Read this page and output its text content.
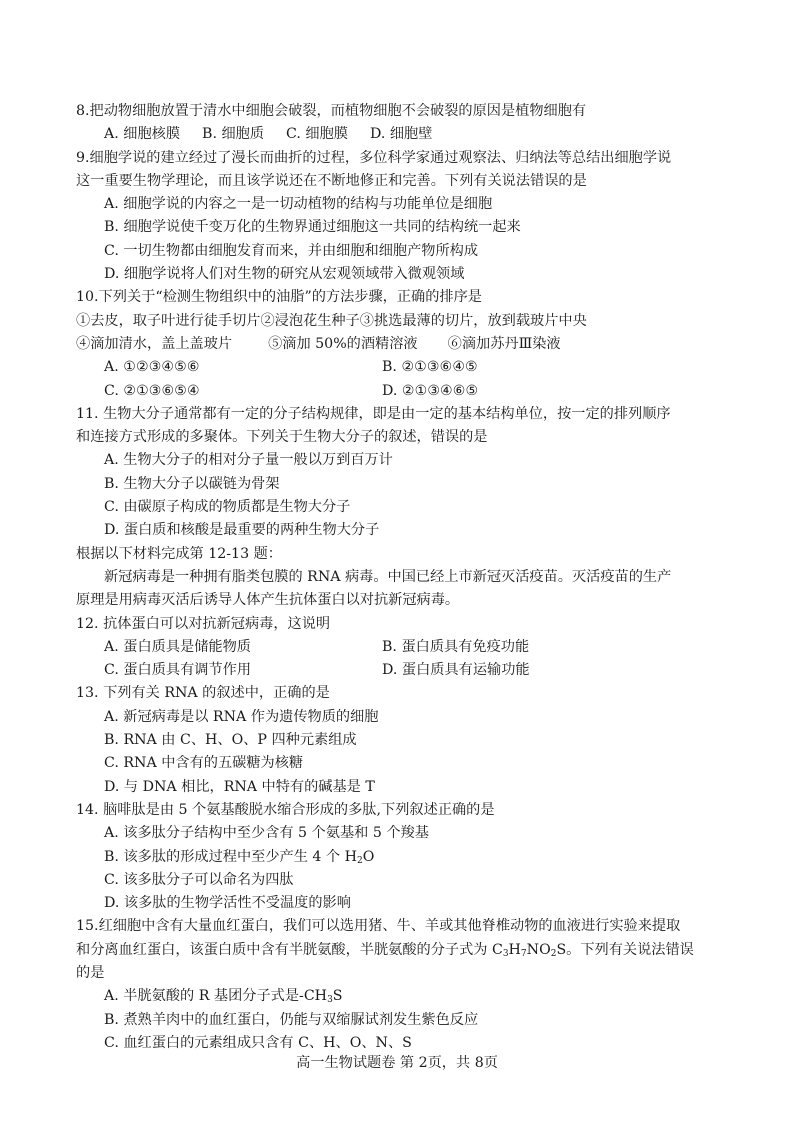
8.把动物细胞放置于清水中细胞会破裂，而植物细胞不会破裂的原因是植物细胞有
A. 细胞核膜 B. 细胞质 C. 细胞膜 D. 细胞壁
9.细胞学说的建立经过了漫长而曲折的过程，多位科学家通过观察法、归纳法等总结出细胞学说
这一重要生物学理论，而且该学说还在不断地修正和完善。下列有关说法错误的是
A. 细胞学说的内容之一是一切动植物的结构与功能单位是细胞
B. 细胞学说使千变万化的生物界通过细胞这一共同的结构统一起来
C. 一切生物都由细胞发育而来，并由细胞和细胞产物所构成
D. 细胞学说将人们对生物的研究从宏观领域带入微观领域
10.下列关于“检测生物组织中的油脂”的方法步骤，正确的排序是
①去皮，取子叶进行徒手切片②浸泡花生种子③挑选最薄的切片，放到载玻片中央
④滴加清水，盖上盖玻片	⑤滴加 50%的酒精溶液 ⑥滴加苏丹Ⅲ染液
A. ①②③④⑤⑥	B. ②①③⑥④⑤
C. ②①③⑥⑤④	D. ②①③④⑥⑤
11. 生物大分子通常都有一定的分子结构规律，即是由一定的基本结构单位，按一定的排列顺序
和连接方式形成的多聚体。下列关于生物大分子的叙述，错误的是
A. 生物大分子的相对分子量一般以万到百万计
B. 生物大分子以碳链为骨架
C. 由碳原子构成的物质都是生物大分子
D. 蛋白质和核酸是最重要的两种生物大分子
根据以下材料完成第 12-13 题：
新冠病毒是一种拥有脂类包膜的 RNA 病毒。中国已经上市新冠灭活疫苗。灭活疫苗的生产
原理是用病毒灭活后诱导人体产生抗体蛋白以对抗新冠病毒。
12. 抗体蛋白可以对抗新冠病毒，这说明
A. 蛋白质具是储能物质	B. 蛋白质具有免疫功能
C. 蛋白质具有调节作用	D. 蛋白质具有运输功能
13. 下列有关 RNA 的叙述中，正确的是
A. 新冠病毒是以 RNA 作为遗传物质的细胞
B. RNA 由 C、H、O、P 四种元素组成
C. RNA 中含有的五碳糖为核糖
D. 与 DNA 相比，RNA 中特有的碱基是 T
14. 脑啡肽是由 5 个氨基酸脱水缩合形成的多肽,下列叙述正确的是
A. 该多肽分子结构中至少含有 5 个氨基和 5 个羧基
B. 该多肽的形成过程中至少产生 4 个 $H_2O$
C. 该多肽分子可以命名为四肽
D. 该多肽的生物学活性不受温度的影响
15.红细胞中含有大量血红蛋白，我们可以选用猪、牛、羊或其他脊椎动物的血液进行实验来提取
和分离血红蛋白，该蛋白质中含有半胱氨酸，半胱氨酸的分子式为 $C_3H_7NO_2S$。下列有关说法错误
的是
A. 半胱氨酸的 R 基团分子式是$-CH_3S$
B. 煮熟羊肉中的血红蛋白，仍能与双缩脲试剂发生紫色反应
C. 血红蛋白的元素组成只含有 C、H、O、N、S
高一生物试题卷 第 2页，共 8页
